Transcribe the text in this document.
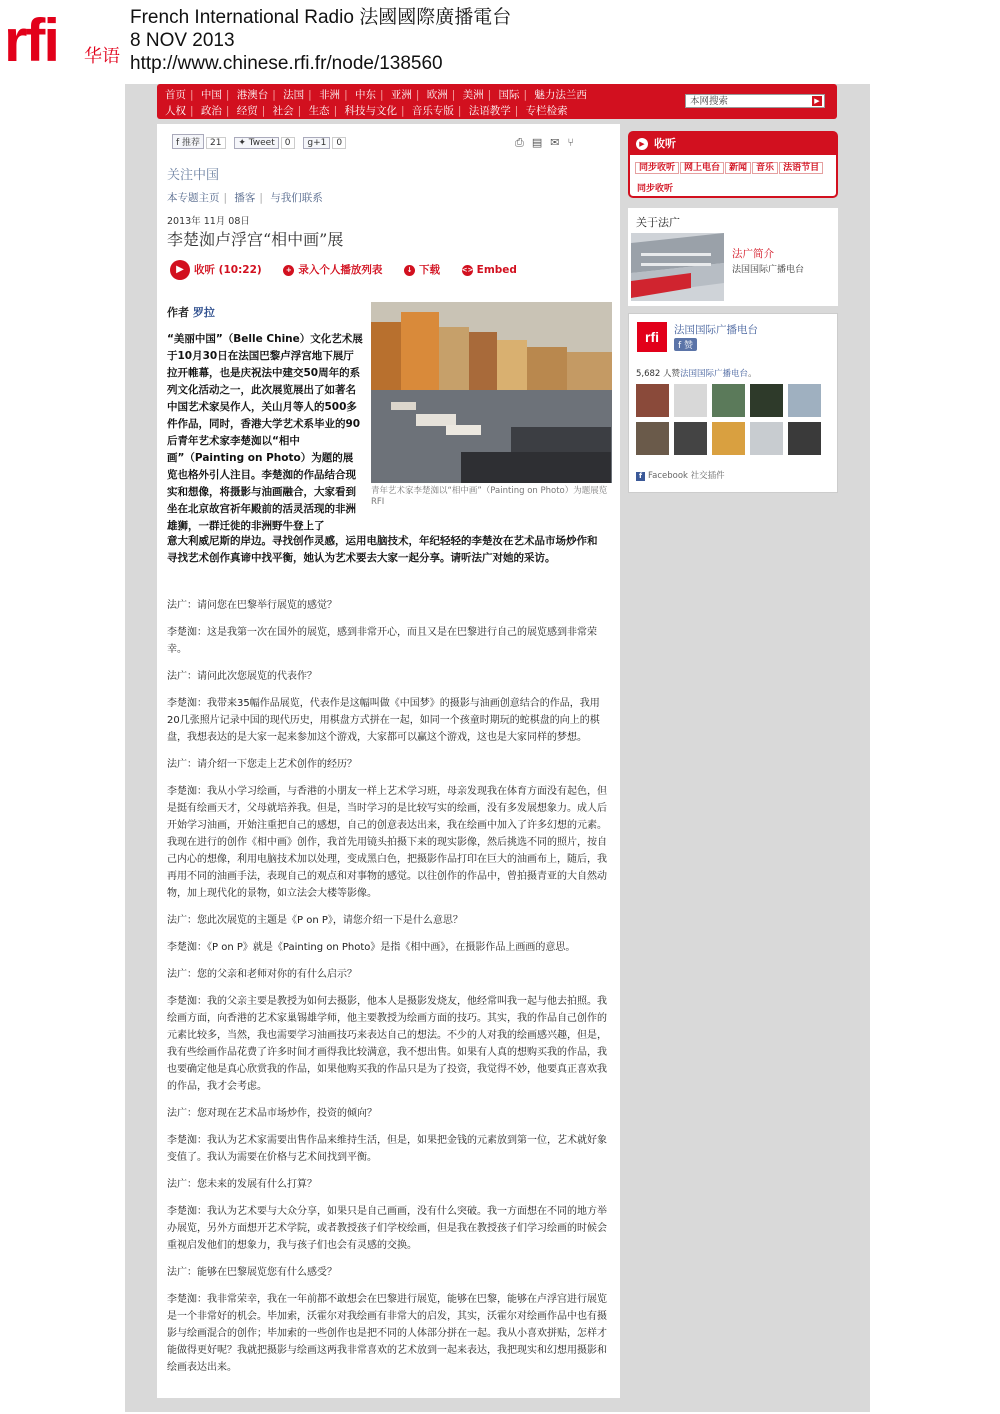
rfi 华语
French International Radio 法國國際廣播電台
8 NOV 2013
http://www.chinese.rfi.fr/node/138560
首页 | 中国 | 港澳台 | 法国 | 非洲 | 中东 | 亚洲 | 欧洲 | 美洲 | 国际 | 魅力法兰西
人权 | 政治 | 经贸 | 社会 | 生态 | 科技与文化 | 音乐专版 | 法语教学 | 专栏检索
本网搜索	▶
f 推荐 21 ✦ Tweet 0 g+1 0	⎙▤✉⑂
关注中国
本专题主页 | 播客 | 与我们联系
2013年 11月 08日
李楚洳卢浮宫“相中画”展
▶ 收听 (10:22)	+ 录入个人播放列表	↓ 下载	<> Embed
作者 罗拉
“美丽中国”（Belle Chine）文化艺术展于10月30日在法国巴黎卢浮宫地下展厅拉开帷幕，也是庆祝法中建交50周年的系列文化活动之一，此次展览展出了如著名中国艺术家吴作人，关山月等人的500多件作品，同时，香港大学艺术系毕业的90后青年艺术家李楚洳以“相中画”（Painting on Photo）为题的展览也格外引人注目。李楚洳的作品结合现实和想像，将摄影与油画融合，大家看到坐在北京故宫祈年殿前的活灵活现的非洲雄狮，一群迁徙的非洲野牛登上了
青年艺术家李楚洳以“相中画”（Painting on Photo）为题展览
RFI
意大利威尼斯的岸边。寻找创作灵感，运用电脑技术，年纪轻轻的李楚汝在艺术品市场炒作和寻找艺术创作真谛中找平衡，她认为艺术要去大家一起分享。请听法广对她的采访。

法广：请问您在巴黎举行展览的感觉？

李楚洳：这是我第一次在国外的展览，感到非常开心，而且又是在巴黎进行自己的展览感到非常荣幸。

法广：请问此次您展览的代表作？

李楚洳：我带来35幅作品展览，代表作是这幅叫做《中国梦》的摄影与油画创意结合的作品，我用20几张照片记录中国的现代历史，用棋盘方式拼在一起，如同一个孩童时期玩的蛇棋盘的向上的棋盘，我想表达的是大家一起来参加这个游戏，大家都可以赢这个游戏，这也是大家同样的梦想。

法广：请介绍一下您走上艺术创作的经历？

李楚洳：我从小学习绘画，与香港的小朋友一样上艺术学习班，母亲发现我在体育方面没有起色，但是挺有绘画天才，父母就培养我。但是，当时学习的是比较写实的绘画，没有多发展想象力。成人后开始学习油画，开始注重把自己的感想，自己的创意表达出来，我在绘画中加入了许多幻想的元素。我现在进行的创作《相中画》创作，我首先用镜头拍摄下来的现实影像，然后挑选不同的照片，按自己内心的想像，利用电脑技术加以处理，变成黑白色，把摄影作品打印在巨大的油画布上，随后，我再用不同的油画手法，表现自己的观点和对事物的感觉。以往创作的作品中，曾拍摄青亚的大自然动物，加上现代化的景物，如立法会大楼等影像。

法广：您此次展览的主题是《P on P》，请您介绍一下是什么意思？

李楚洳：《P on P》就是《Painting on Photo》是指《相中画》，在摄影作品上画画的意思。

法广：您的父亲和老师对你的有什么启示？

李楚洳：我的父亲主要是教授为如何去摄影，他本人是摄影发烧友，他经常叫我一起与他去拍照。我绘画方面，向香港的艺术家巢锡雄学师，他主要教授为绘画方面的技巧。其实，我的作品自己创作的元素比较多，当然，我也需要学习油画技巧来表达自己的想法。不少的人对我的绘画感兴趣，但是，我有些绘画作品花费了许多时间才画得我比较满意，我不想出售。如果有人真的想购买我的作品，我也要确定他是真心欣赏我的作品，如果他购买我的作品只是为了投资，我觉得不妙，他要真正喜欢我的作品，我才会考虑。

法广：您对现在艺术品市场炒作，投资的倾向？

李楚洳：我认为艺术家需要出售作品来维持生活，但是，如果把金钱的元素放到第一位，艺术就好象变值了。我认为需要在价格与艺术间找到平衡。

法广：您未来的发展有什么打算？

李楚洳：我认为艺术要与大众分享，如果只是自己画画，没有什么突破。我一方面想在不同的地方举办展览，另外方面想开艺术学院，或者教授孩子们学校绘画，但是我在教授孩子们学习绘画的时候会重视启发他们的想象力，我与孩子们也会有灵感的交换。

法广：能够在巴黎展览您有什么感受？

李楚洳：我非常荣幸，我在一年前都不敢想会在巴黎进行展览，能够在巴黎，能够在卢浮宫进行展览是一个非常好的机会。毕加索，沃霍尔对我绘画有非常大的启发，其实，沃霍尔对绘画作品中也有摄影与绘画混合的创作；毕加索的一些创作也是把不同的人体部分拼在一起。我从小喜欢拼贴，怎样才能做得更好呢？我就把摄影与绘画这两我非常喜欢的艺术放到一起来表达，我把现实和幻想用摄影和绘画表达出来。

▶ 收听
同步收听 网上电台 新闻 音乐 法语节目
同步收听
关于法广
法广简介
法国国际广播电台
rfi	法国国际广播电台
f 赞
5,682 人赞法国国际广播电台。
f Facebook 社交插件
